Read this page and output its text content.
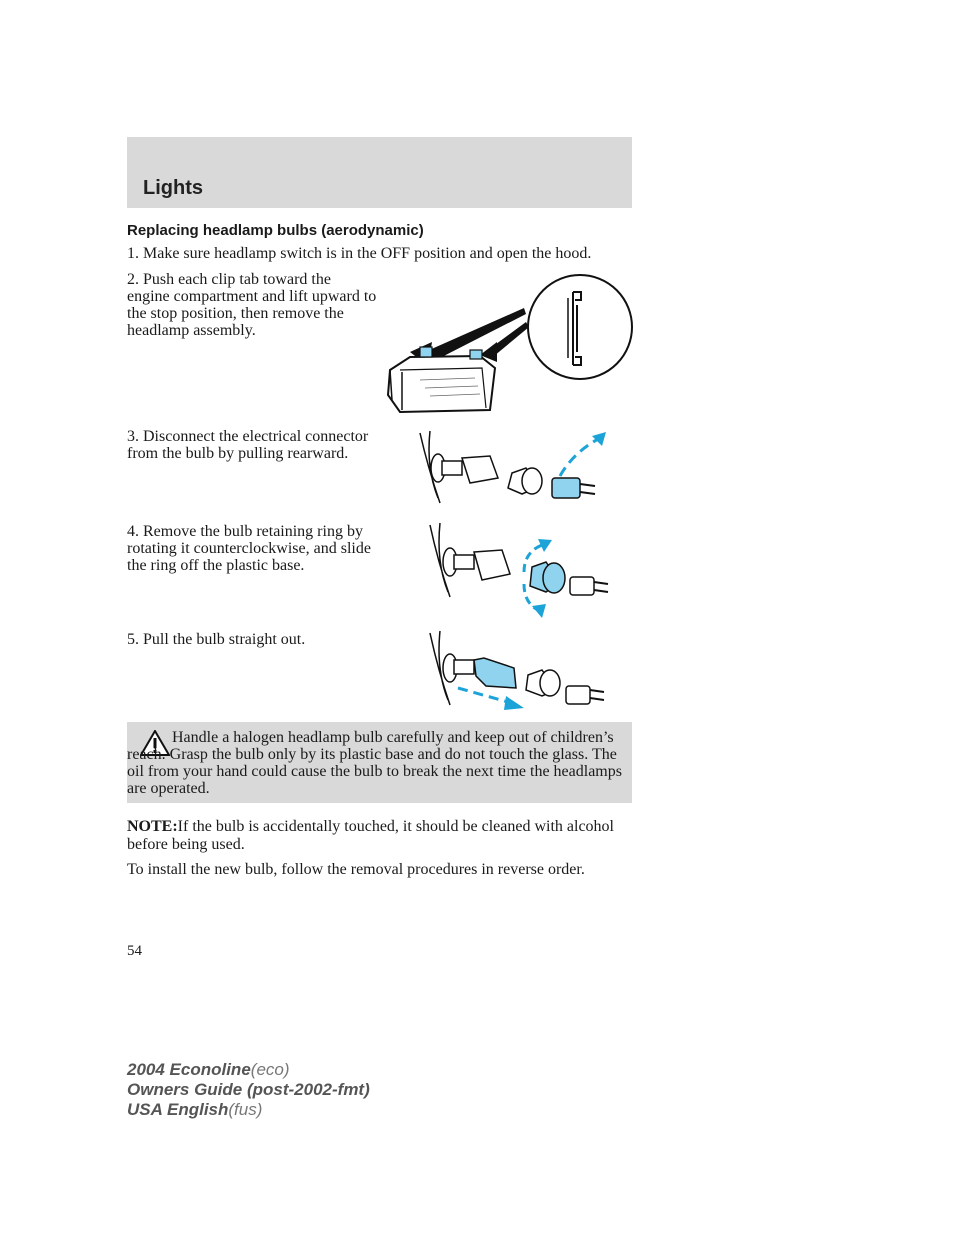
Lights
Replacing headlamp bulbs (aerodynamic)

1. Make sure headlamp switch is in the OFF position and open the hood.

2. Push each clip tab toward the engine compartment and lift upward to the stop position, then remove the headlamp assembly.

3. Disconnect the electrical connector from the bulb by pulling rearward.

4. Remove the bulb retaining ring by rotating it counterclockwise, and slide the ring off the plastic base.

5. Pull the bulb straight out.

Handle a halogen headlamp bulb carefully and keep out of children’s reach. Grasp the bulb only by its plastic base and do not touch the glass. The oil from your hand could cause the bulb to break the next time the headlamps are operated.

NOTE:If the bulb is accidentally touched, it should be cleaned with alcohol before being used.

To install the new bulb, follow the removal procedures in reverse order.

54

2004 Econoline(eco)
Owners Guide (post-2002-fmt)
USA English(fus)
